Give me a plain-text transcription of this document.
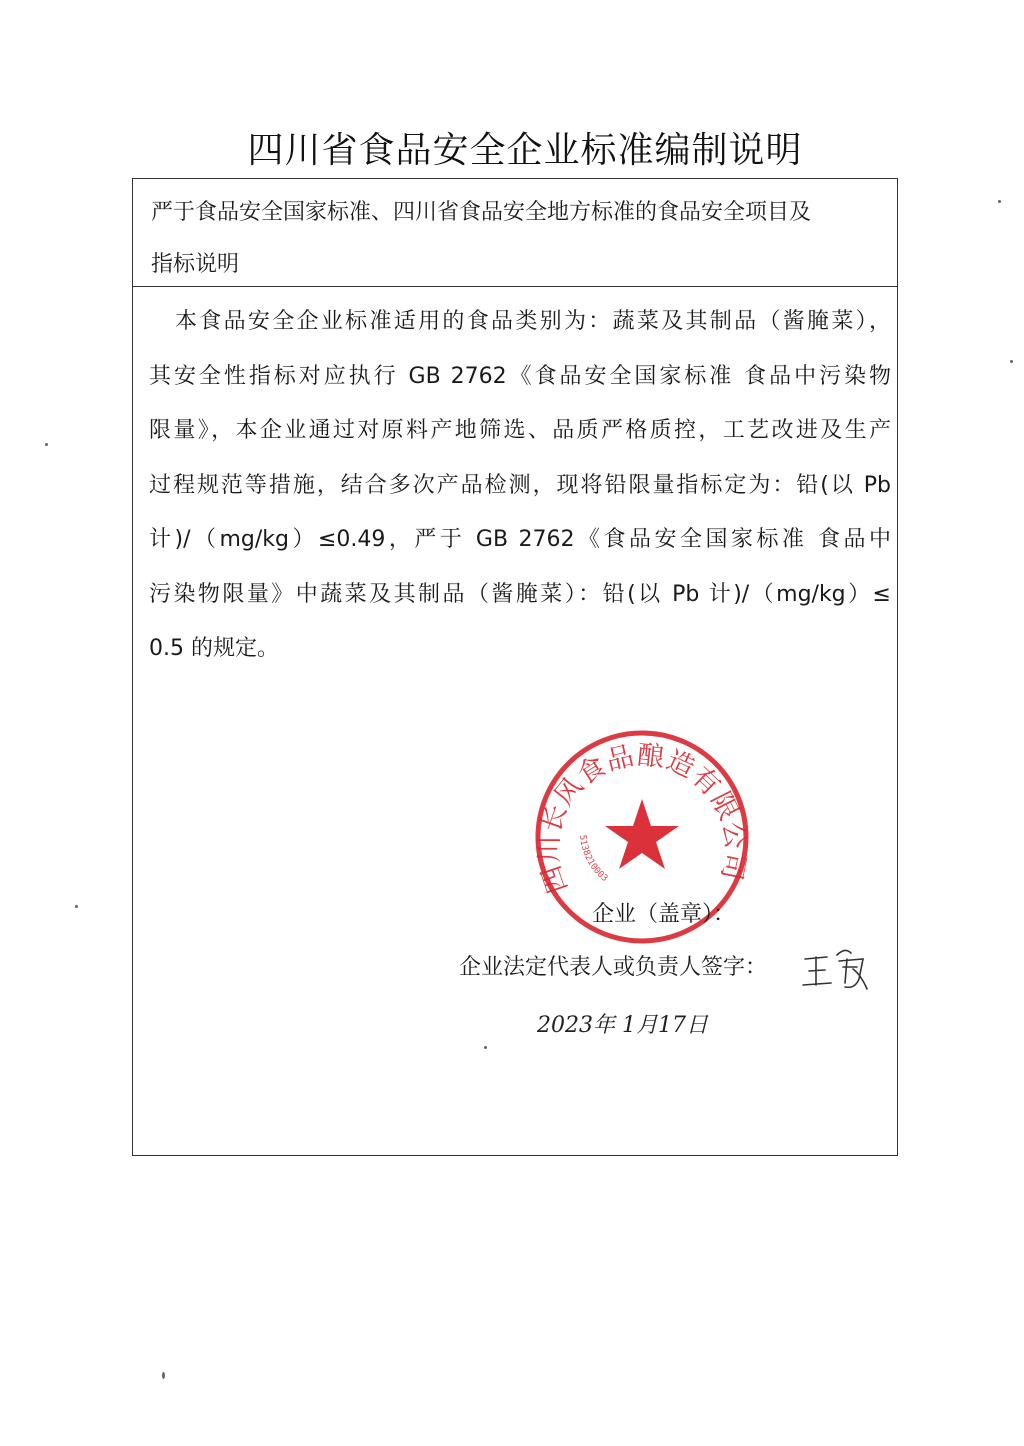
四川省食品安全企业标准编制说明
严于食品安全国家标准、四川省食品安全地方标准的食品安全项目及
指标说明

本食品安全企业标准适用的食品类别为：蔬菜及其制品（酱腌菜），

其安全性指标对应执行 GB 2762《食品安全国家标准 食品中污染物

限量》，本企业通过对原料产地筛选、品质严格质控，工艺改进及生产

过程规范等措施，结合多次产品检测，现将铅限量指标定为：铅(以 Pb

计)/（mg/kg）≤0.49，严于 GB 2762《食品安全国家标准 食品中

污染物限量》中蔬菜及其制品（酱腌菜）：铅(以 Pb 计)/（mg/kg）≤

0.5 的规定。

四川长风食品酿造有限公司
5138210003
企业（盖章）：
企业法定代表人或负责人签字：
2023年 1月17日
